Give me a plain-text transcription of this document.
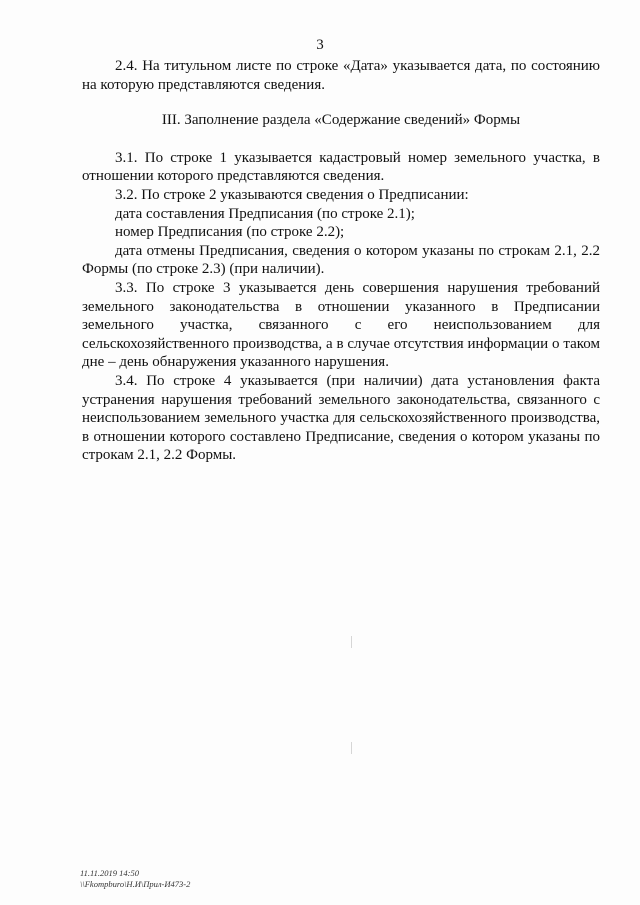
3

2.4. На титульном листе по строке «Дата» указывается дата, по состоянию на которую представляются сведения.

III. Заполнение раздела «Содержание сведений» Формы

3.1. По строке 1 указывается кадастровый номер земельного участка, в отношении которого представляются сведения.

3.2. По строке 2 указываются сведения о Предписании:

дата составления Предписания (по строке 2.1);

номер Предписания (по строке 2.2);

дата отмены Предписания, сведения о котором указаны по строкам 2.1, 2.2 Формы (по строке 2.3) (при наличии).

3.3. По строке 3 указывается день совершения нарушения требований земельного законодательства в отношении указанного в Предписании земельного участка, связанного с его неиспользованием для сельскохозяйственного производства, а в случае отсутствия информации о таком дне – день обнаружения указанного нарушения.

3.4. По строке 4 указывается (при наличии) дата установления факта устранения нарушения требований земельного законодательства, связанного с неиспользованием земельного участка для сельскохозяйственного производства, в отношении которого составлено Предписание, сведения о котором указаны по строкам 2.1, 2.2 Формы.

11.11.2019 14:50
\\Fkompburo\Н.И\Прил-И473-2
